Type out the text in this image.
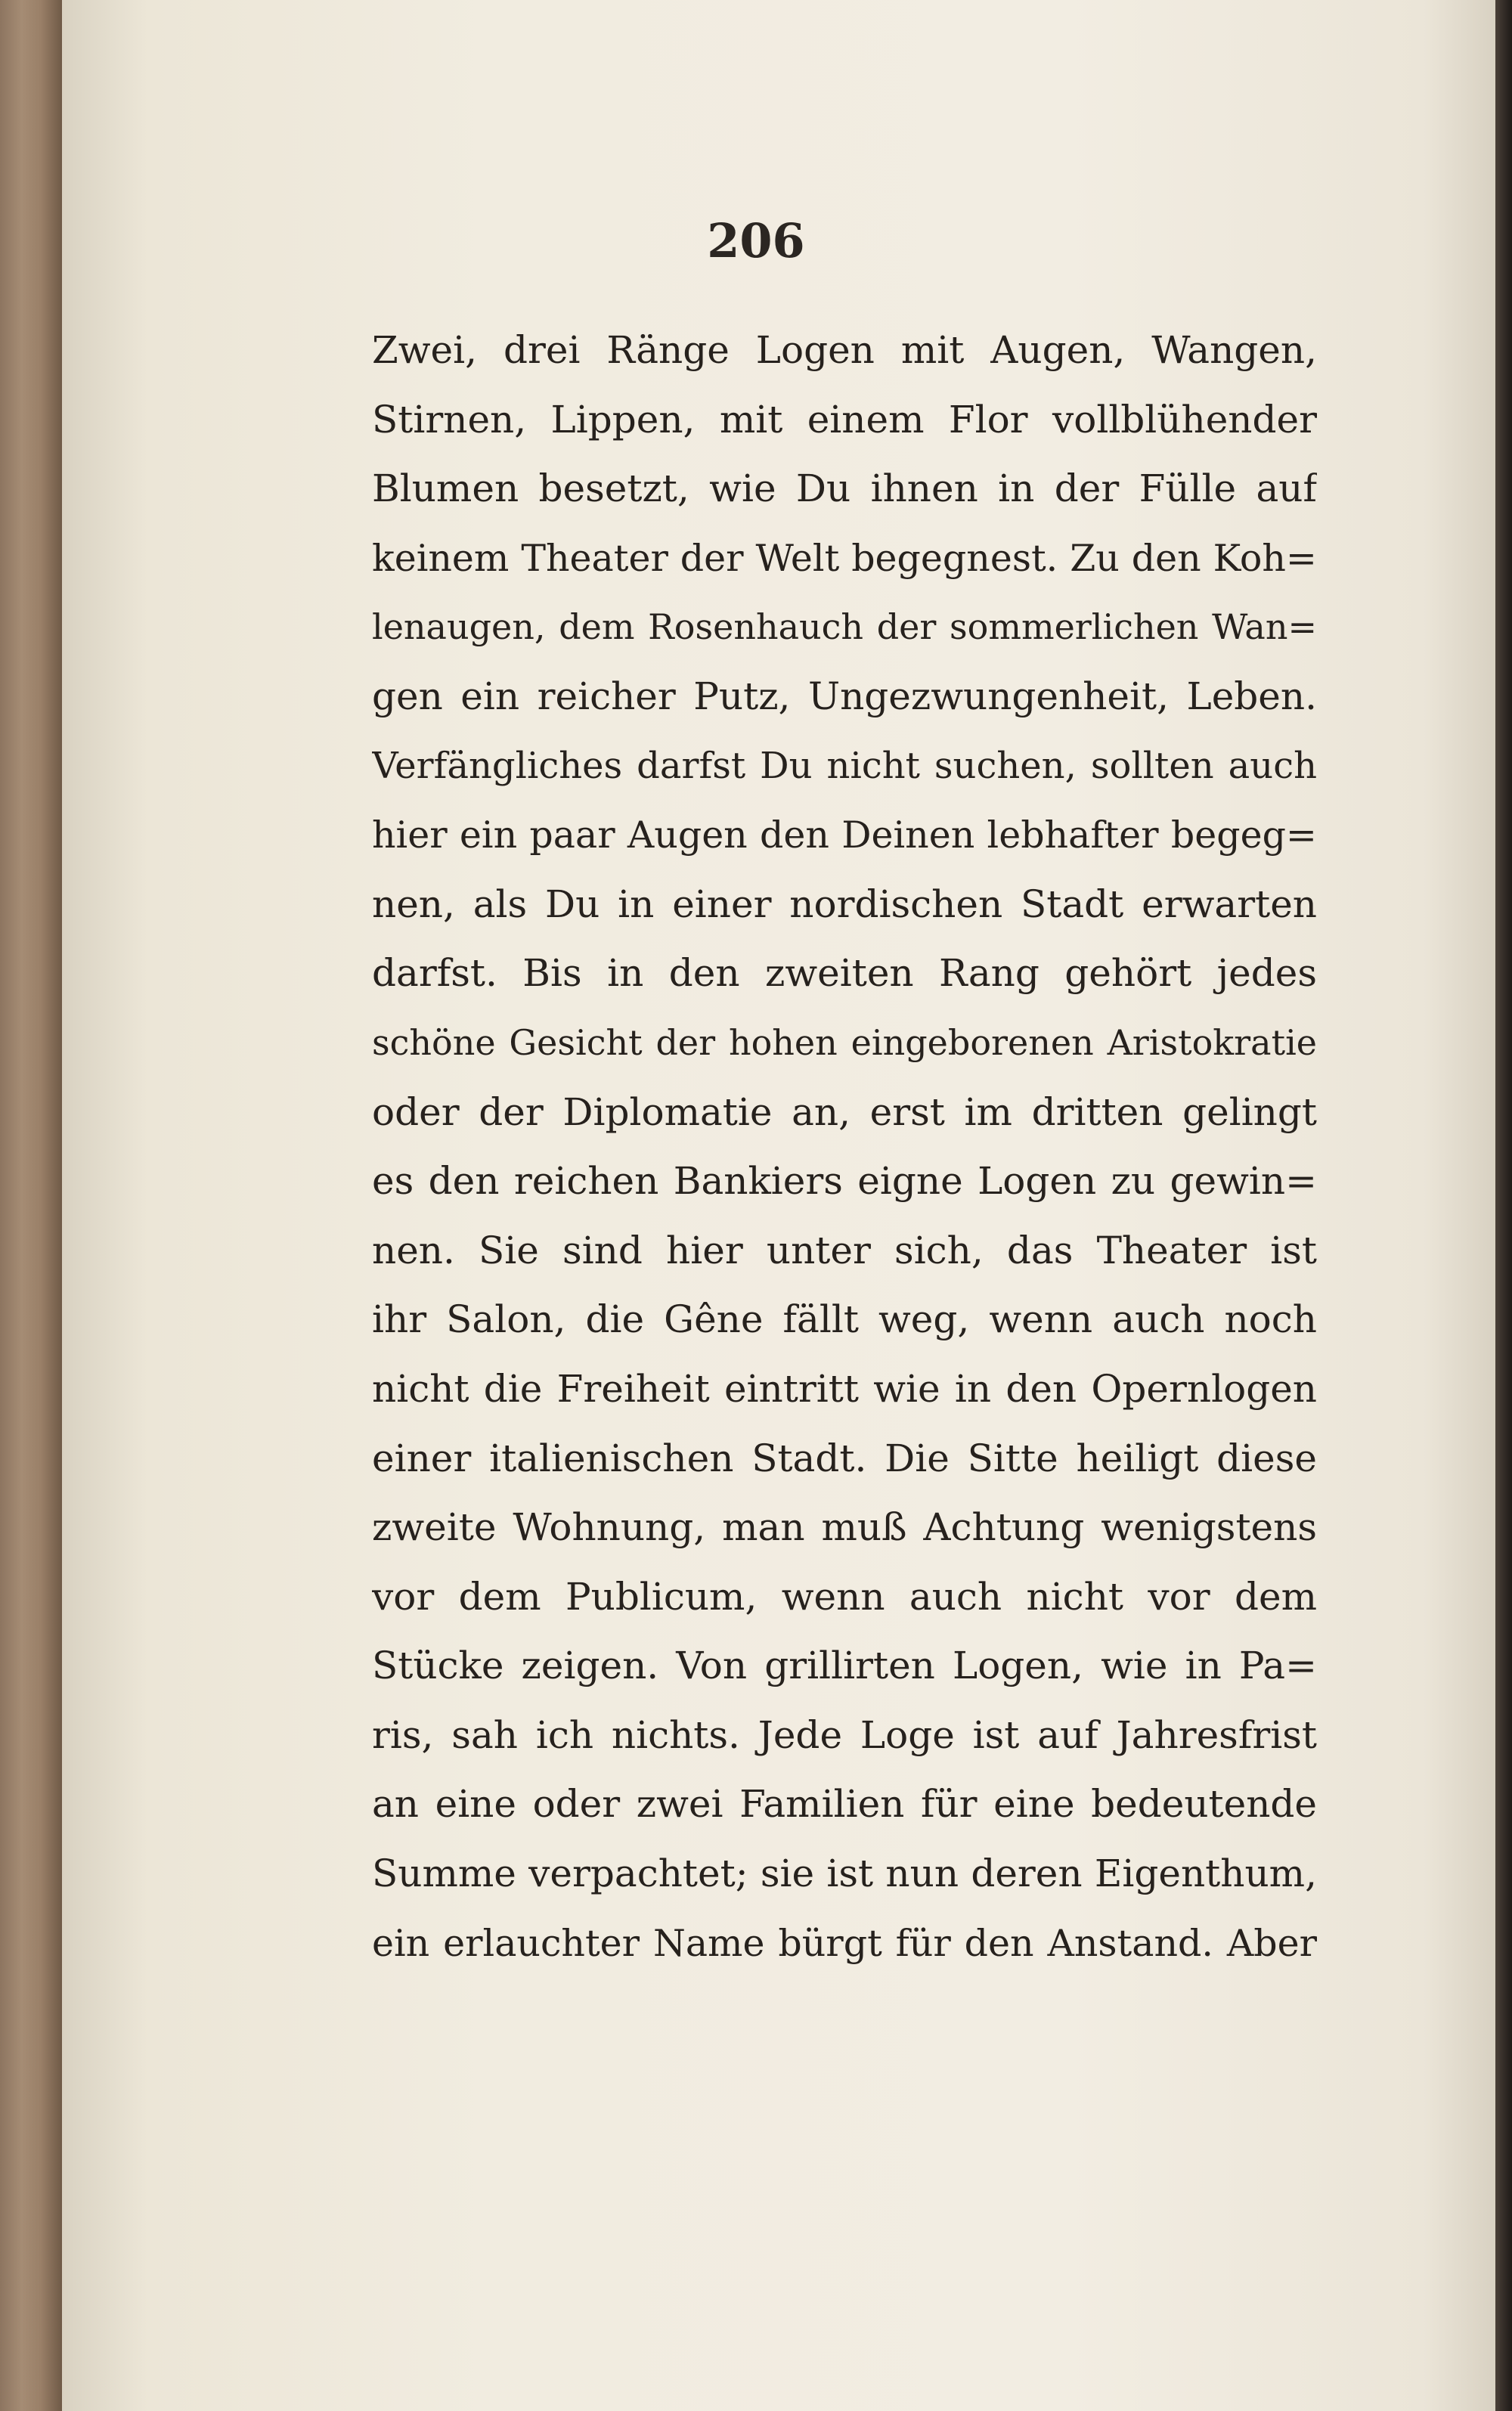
206
Zwei, drei Ränge Logen mit Augen, Wangen,
Stirnen, Lippen, mit einem Flor vollblühender
Blumen besetzt, wie Du ihnen in der Fülle auf
keinem Theater der Welt begegnest. Zu den Koh=
lenaugen, dem Rosenhauch der sommerlichen Wan=
gen ein reicher Putz, Ungezwungenheit, Leben.
Verfängliches darfst Du nicht suchen, sollten auch
hier ein paar Augen den Deinen lebhafter begeg=
nen, als Du in einer nordischen Stadt erwarten
darfst. Bis in den zweiten Rang gehört jedes
schöne Gesicht der hohen eingeborenen Aristokratie
oder der Diplomatie an, erst im dritten gelingt
es den reichen Bankiers eigne Logen zu gewin=
nen. Sie sind hier unter sich, das Theater ist
ihr Salon, die Gêne fällt weg, wenn auch noch
nicht die Freiheit eintritt wie in den Opernlogen
einer italienischen Stadt. Die Sitte heiligt diese
zweite Wohnung, man muß Achtung wenigstens
vor dem Publicum, wenn auch nicht vor dem
Stücke zeigen. Von grillirten Logen, wie in Pa=
ris, sah ich nichts. Jede Loge ist auf Jahresfrist
an eine oder zwei Familien für eine bedeutende
Summe verpachtet; sie ist nun deren Eigenthum,
ein erlauchter Name bürgt für den Anstand. Aber
